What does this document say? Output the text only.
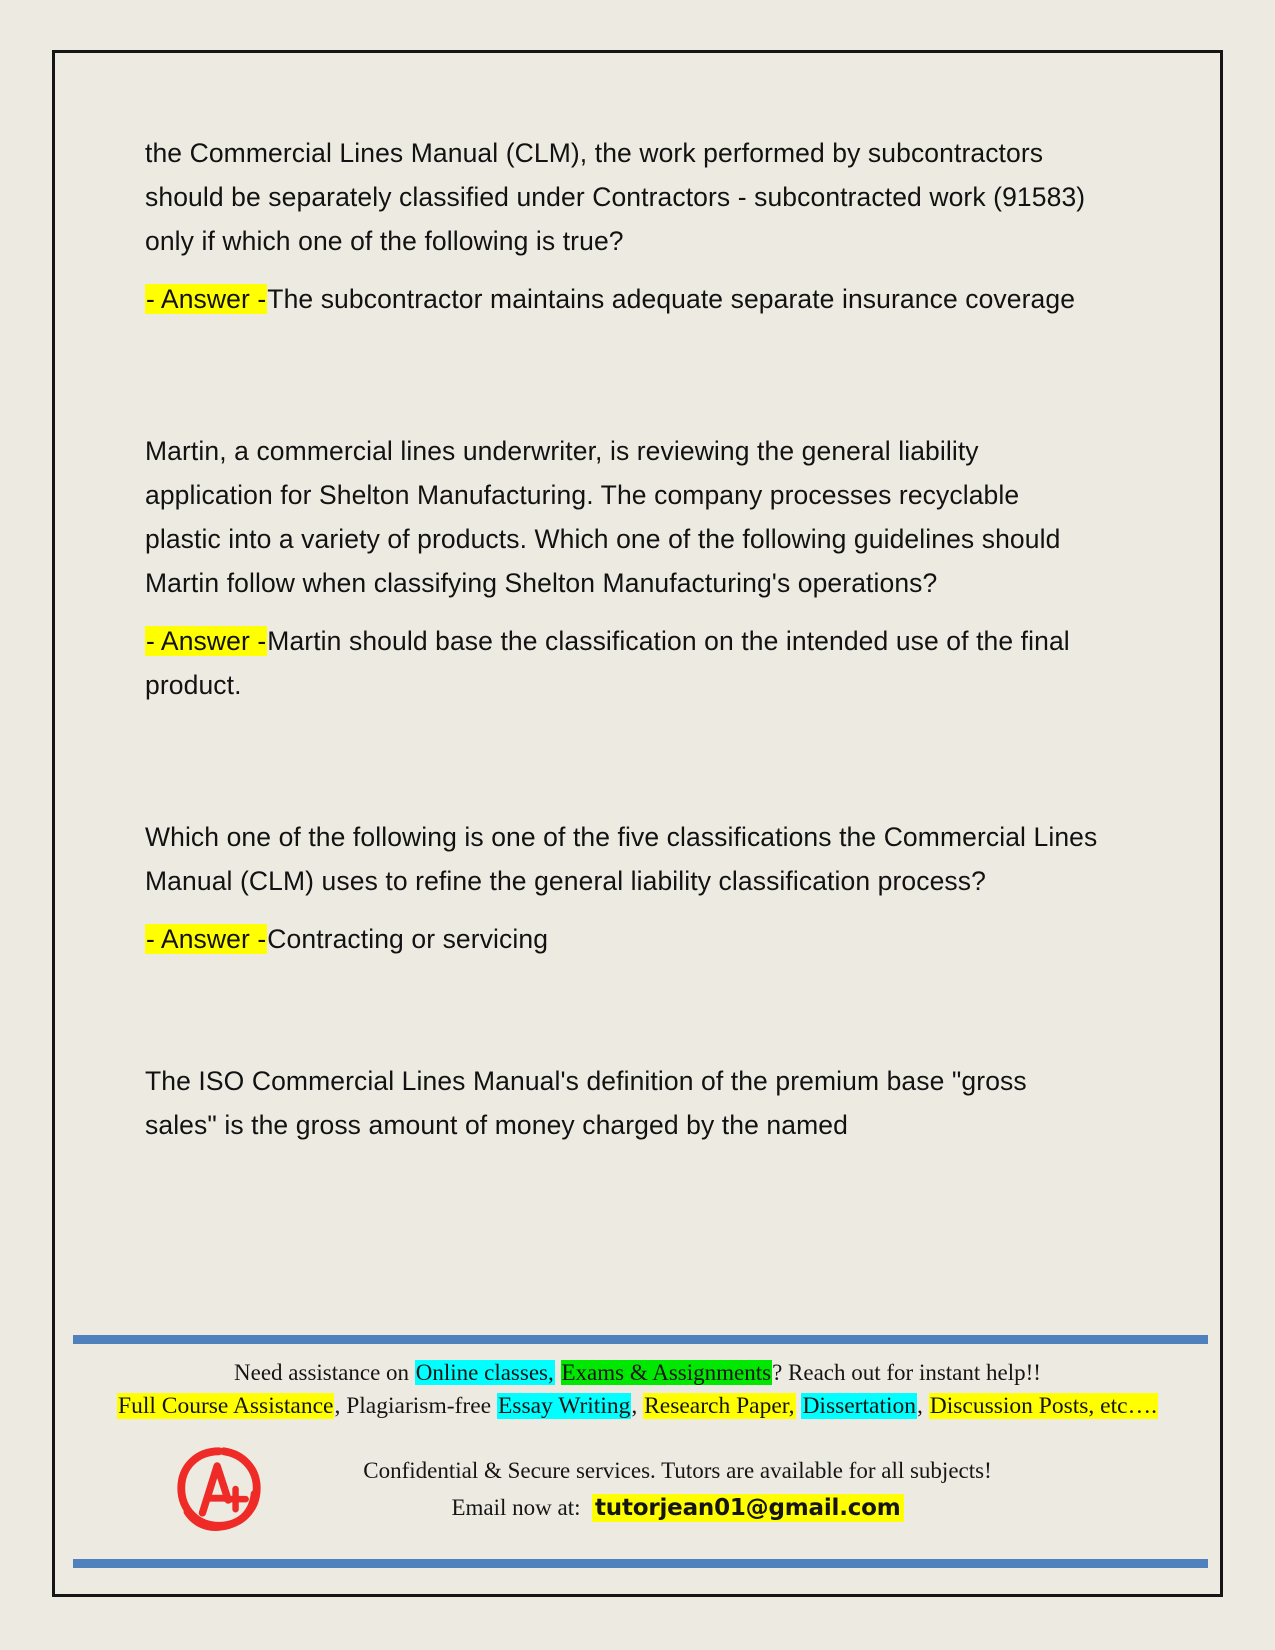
the Commercial Lines Manual (CLM), the work performed by subcontractors should be separately classified under Contractors - subcontracted work (91583) only if which one of the following is true?

- Answer -The subcontractor maintains adequate separate insurance coverage

Martin, a commercial lines underwriter, is reviewing the general liability application for Shelton Manufacturing. The company processes recyclable plastic into a variety of products. Which one of the following guidelines should Martin follow when classifying Shelton Manufacturing's operations?

- Answer -Martin should base the classification on the intended use of the final product.

Which one of the following is one of the five classifications the Commercial Lines Manual (CLM) uses to refine the general liability classification process?

- Answer -Contracting or servicing

The ISO Commercial Lines Manual's definition of the premium base "gross sales" is the gross amount of money charged by the named

Need assistance on Online classes, Exams & Assignments? Reach out for instant help!!
Full Course Assistance, Plagiarism-free Essay Writing, Research Paper, Dissertation, Discussion Posts, etc….
Confidential & Secure services. Tutors are available for all subjects!
Email now at: tutorjean01@gmail.com
